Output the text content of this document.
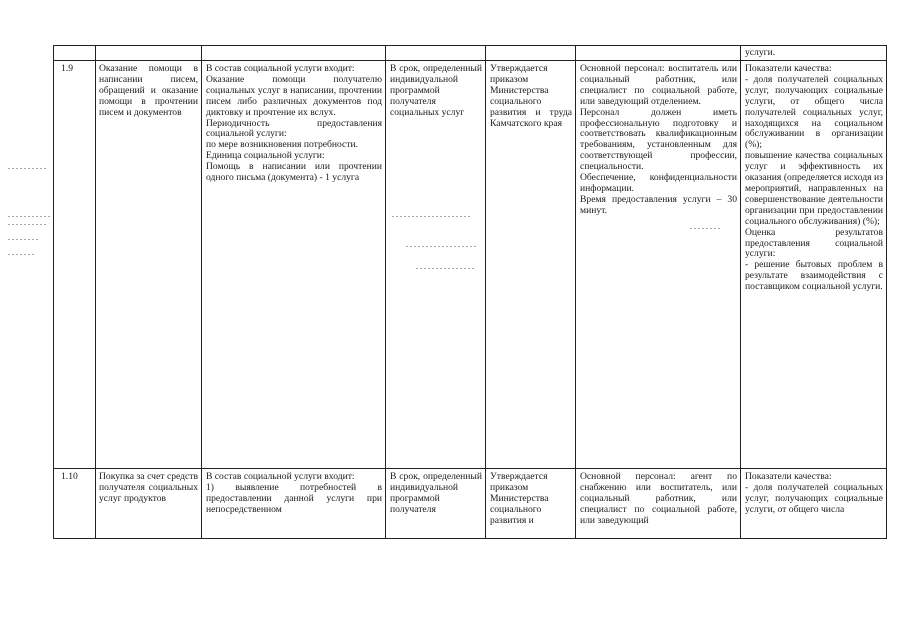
услуги.
1.9	Оказание помощи в написании писем, обращений и оказание помощи в прочтении писем и документов

В состав социальной услуги входит:

Оказание помощи получателю социальных услуг в написании, прочтении писем либо различных документов под диктовку и прочтение их вслух.

Периодичность предоставления социальной услуги:

по мере возникновения потребности.

Единица социальной услуги:

Помощь в написании или прочтении одного письма (документа) - 1 услуга

В срок, определенный индивидуальной программой получателя социальных услуг
Утверждается приказом Министерства социального развития и труда Камчатского края

Основной персонал: воспитатель или социальный работник, или специалист по социальной работе, или заведующий отделением.

Персонал должен иметь профессиональную подготовку и соответствовать квалификационным требованиям, установленным для соответствующей профессии, специальности.

Обеспечение, конфиденциальности информации.

Время предоставления услуги – 30 минут.

Показатели качества:

- доля получателей социальных услуг, получающих социальные услуги, от общего числа получателей социальных услуг, находящихся на социальном обслуживании в организации (%);

повышение качества социальных услуг и эффективность их оказания (определяется исходя из мероприятий, направленных на совершенствование деятельности организации при предоставлении социального обслуживания) (%);

Оценка результатов предоставления социальной услуги:

- решение бытовых проблем в результате взаимодействия с поставщиком социальной услуги.

1.10	Покупка за счет средств получателя социальных услуг продуктов

В состав социальной услуги входит:

1) выявление потребностей в предоставлении данной услуги при непосредственном

В срок, определенный индивидуальной программой получателя
Утверждается приказом Министерства социального развития и

Основной персонал: агент по снабжению или воспитатель, или социальный работник, или специалист по социальной работе, или заведующий

Показатели качества:

- доля получателей социальных услуг, получающих социальные услуги, от общего числа
